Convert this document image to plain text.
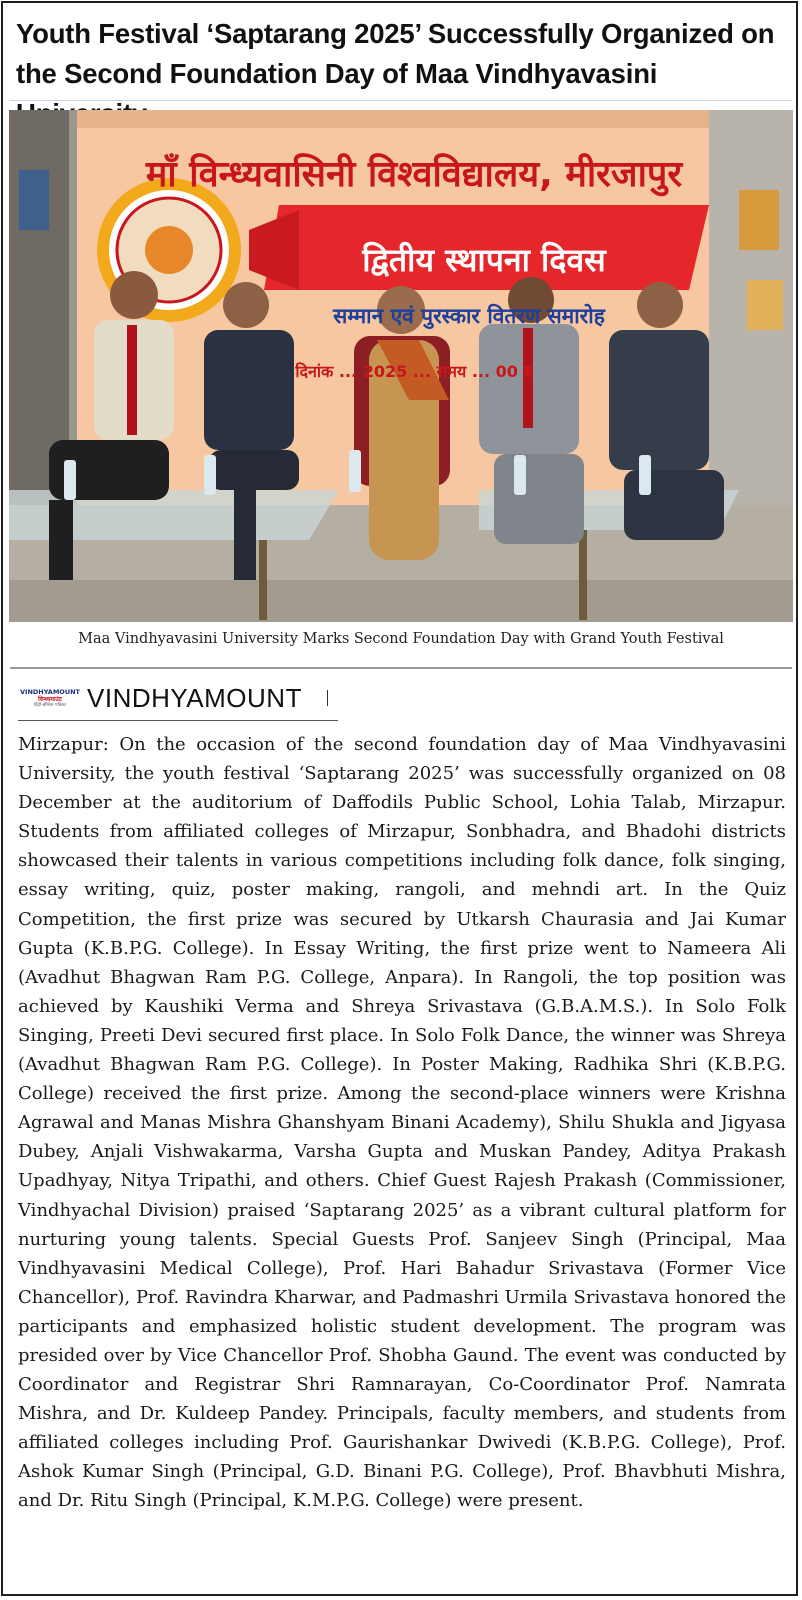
Youth Festival ‘Saptarang 2025’ Successfully Organized on the Second Foundation Day of Maa Vindhyavasini
माँ विन्ध्यवासिनी विश्वविद्यालय, मीरजापुर
द्वितीय स्थापना दिवस
सम्मान एवं पुरस्कार वितरण समारोह
दिनांक ... 2025 ... समय ... 00 ब
Maa Vindhyavasini University Marks Second Foundation Day with Grand Youth Festival
VINDHYAMOUNT
विन्ध्यमाउंट
हिंदी-इंग्लिश पत्रिका VINDHYAMOUNT

Mirzapur: On the occasion of the second foundation day of Maa Vindhyavasini University, the youth festival ‘Saptarang 2025’ was successfully organized on 08 December at the auditorium of Daffodils Public School, Lohia Talab, Mirzapur. Students from affiliated colleges of Mirzapur, Sonbhadra, and Bhadohi districts showcased their talents in various competitions including folk dance, folk singing, essay writing, quiz, poster making, rangoli, and mehndi art. In the Quiz Competition, the first prize was secured by Utkarsh Chaurasia and Jai Kumar Gupta (K.B.P.G. College). In Essay Writing, the first prize went to Nameera Ali (Avadhut Bhagwan Ram P.G. College, Anpara). In Rangoli, the top position was achieved by Kaushiki Verma and Shreya Srivastava (G.B.A.M.S.). In Solo Folk Singing, Preeti Devi secured first place. In Solo Folk Dance, the winner was Shreya (Avadhut Bhagwan Ram P.G. College). In Poster Making, Radhika Shri (K.B.P.G. College) received the first prize. Among the second-place winners were Krishna Agrawal and Manas Mishra Ghanshyam Binani Academy), Shilu Shukla and Jigyasa Dubey, Anjali Vishwakarma, Varsha Gupta and Muskan Pandey, Aditya Prakash Upadhyay, Nitya Tripathi, and others. Chief Guest Rajesh Prakash (Commissioner, Vindhyachal Division) praised ‘Saptarang 2025’ as a vibrant cultural platform for nurturing young talents. Special Guests Prof. Sanjeev Singh (Principal, Maa Vindhyavasini Medical College), Prof. Hari Bahadur Srivastava (Former Vice Chancellor), Prof. Ravindra Kharwar, and Padmashri Urmila Srivastava honored the participants and emphasized holistic student development. The program was presided over by Vice Chancellor Prof. Shobha Gaund. The event was conducted by Coordinator and Registrar Shri Ramnarayan, Co-Coordinator Prof. Namrata Mishra, and Dr. Kuldeep Pandey. Principals, faculty members, and students from affiliated colleges including Prof. Gaurishankar Dwivedi (K.B.P.G. College), Prof. Ashok Kumar Singh (Principal, G.D. Binani P.G. College), Prof. Bhavbhuti Mishra, and Dr. Ritu Singh (Principal, K.M.P.G. College) were present.
